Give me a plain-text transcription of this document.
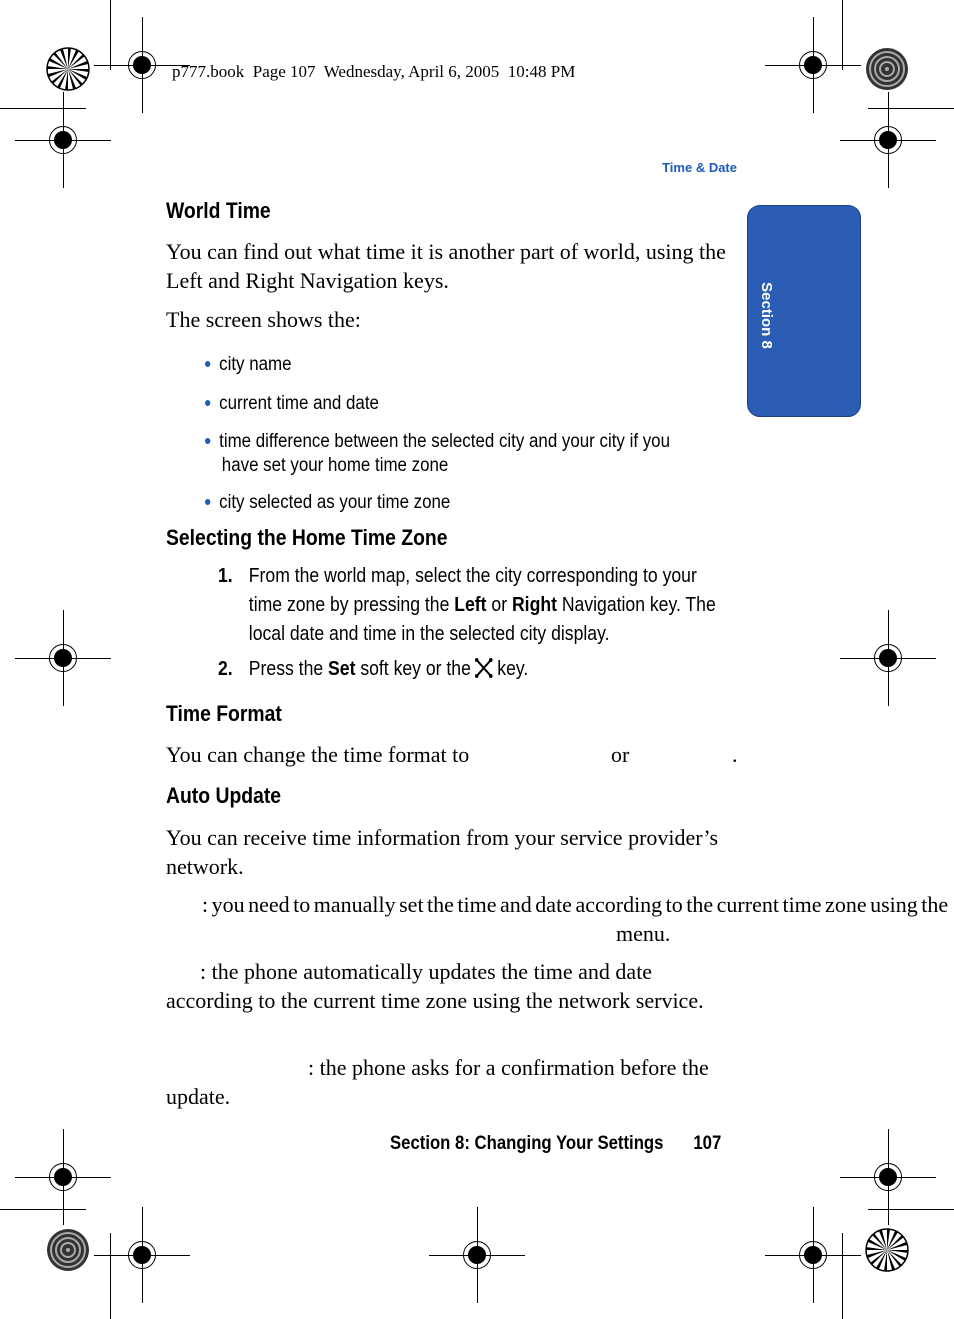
p777.book  Page 107  Wednesday, April 6, 2005  10:48 PM
Time & Date
Section 8
World Time

You can find out what time it is another part of world, using the Left and Right Navigation keys.

The screen shows the:

● city name
● current time and date
● time difference between the selected city and your city if you
have set your home time zone
● city selected as your time zone
Selecting the Home Time Zone
1. From the world map, select the city corresponding to your time zone by pressing the Left or Right Navigation key. The local date and time in the selected city display.
2. Press the Set soft key or the key.
Time Format
You can change the time format to	or	.
Auto Update

You can receive time information from your service provider’s network.

: you need to manually set the time and date according to the current time zone using the
menu.
: the phone automatically updates the time and date according to the current time zone using the network service.
: the phone asks for a confirmation before the update.
Section 8: Changing Your Settings 107
